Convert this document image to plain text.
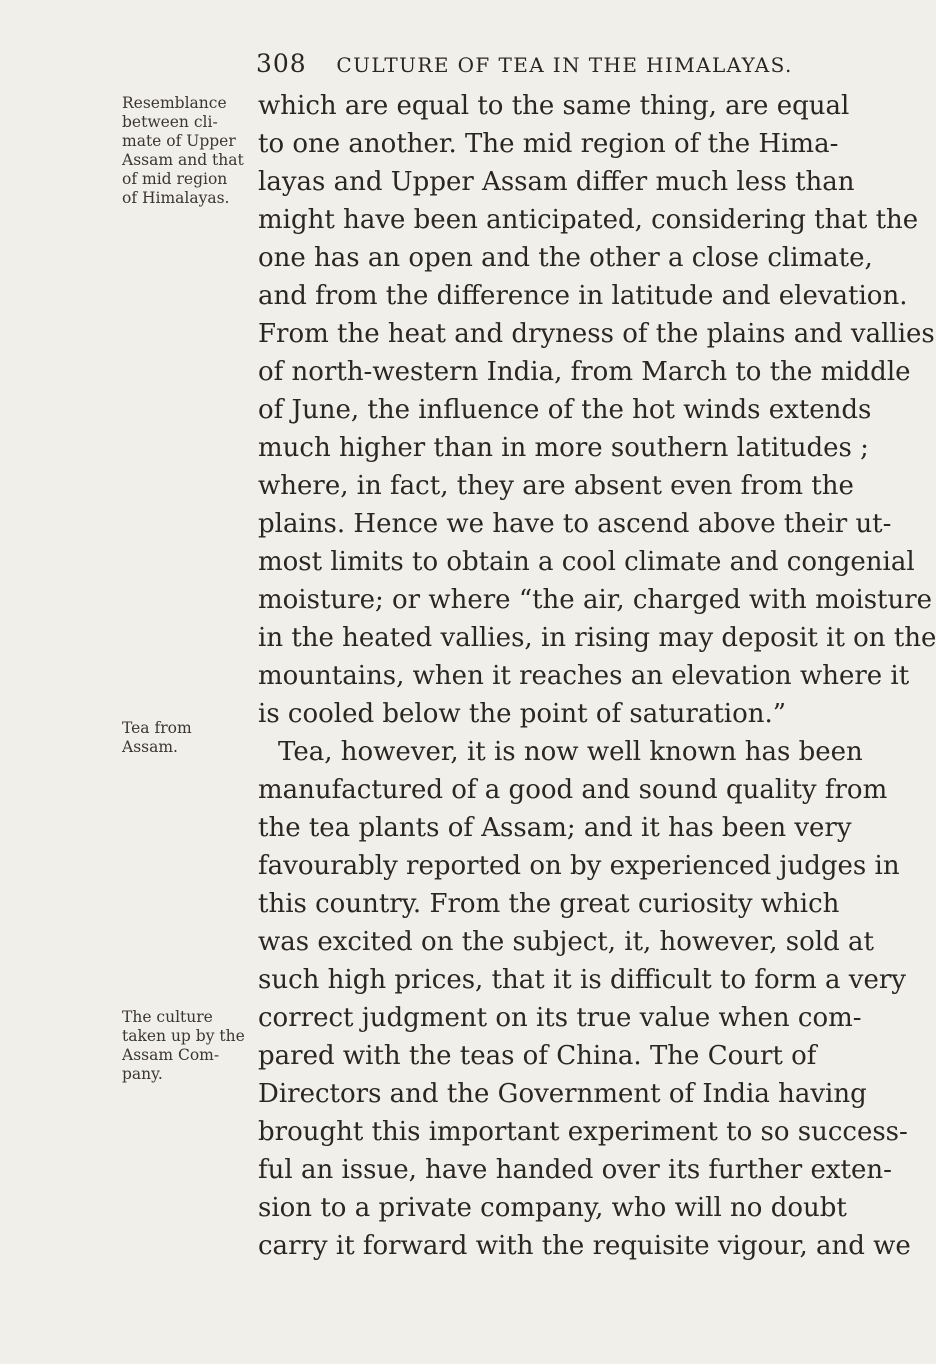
308 CULTURE OF TEA IN THE HIMALAYAS.
Resemblance
between cli-
mate of Upper
Assam and that
of mid region
of Himalayas.
Tea from
Assam.
The culture
taken up by the
Assam Com-
pany.
which are equal to the same thing, are equal
to one another. The mid region of the Hima-
layas and Upper Assam differ much less than
might have been anticipated, considering that the
one has an open and the other a close climate,
and from the difference in latitude and elevation.
From the heat and dryness of the plains and vallies
of north-western India, from March to the middle
of June, the influence of the hot winds extends
much higher than in more southern latitudes ;
where, in fact, they are absent even from the
plains. Hence we have to ascend above their ut-
most limits to obtain a cool climate and congenial
moisture; or where “the air, charged with moisture
in the heated vallies, in rising may deposit it on the
mountains, when it reaches an elevation where it
is cooled below the point of saturation.”
Tea, however, it is now well known has been
manufactured of a good and sound quality from
the tea plants of Assam; and it has been very
favourably reported on by experienced judges in
this country. From the great curiosity which
was excited on the subject, it, however, sold at
such high prices, that it is difficult to form a very
correct judgment on its true value when com-
pared with the teas of China. The Court of
Directors and the Government of India having
brought this important experiment to so success-
ful an issue, have handed over its further exten-
sion to a private company, who will no doubt
carry it forward with the requisite vigour, and we
